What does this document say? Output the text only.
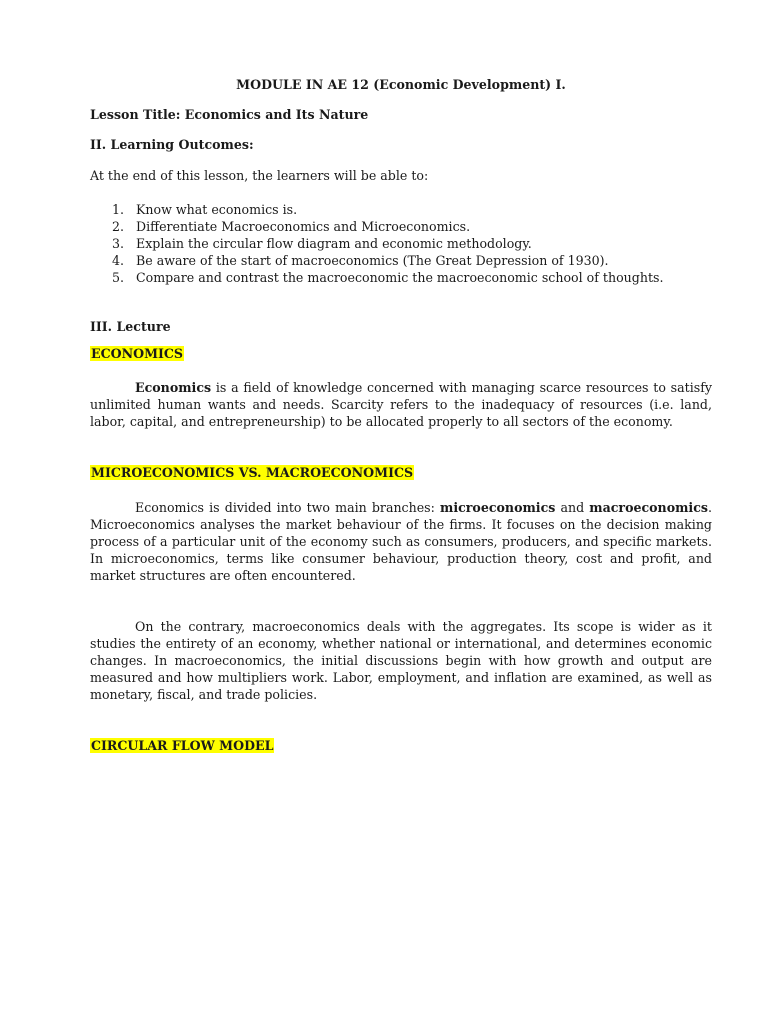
MODULE IN AE 12 (Economic Development) I.
Lesson Title: Economics and Its Nature
II. Learning Outcomes:
At the end of this lesson, the learners will be able to:
1. Know what economics is.
2. Differentiate Macroeconomics and Microeconomics.
3. Explain the circular flow diagram and economic methodology.
4. Be aware of the start of macroeconomics (The Great Depression of 1930).
5. Compare and contrast the macroeconomic the macroeconomic school of thoughts.
III. Lecture
ECONOMICS

Economics is a field of knowledge concerned with managing scarce resources to satisfy unlimited human wants and needs. Scarcity refers to the inadequacy of resources (i.e. land, labor, capital, and entrepreneurship) to be allocated properly to all sectors of the economy.

MICROECONOMICS VS. MACROECONOMICS

Economics is divided into two main branches: microeconomics and macroeconomics. Microeconomics analyses the market behaviour of the firms. It focuses on the decision making process of a particular unit of the economy such as consumers, producers, and specific markets. In microeconomics, terms like consumer behaviour, production theory, cost and profit, and market structures are often encountered.

On the contrary, macroeconomics deals with the aggregates. Its scope is wider as it studies the entirety of an economy, whether national or international, and determines economic changes. In macroeconomics, the initial discussions begin with how growth and output are measured and how multipliers work. Labor, employment, and inflation are examined, as well as monetary, fiscal, and trade policies.

CIRCULAR FLOW MODEL
